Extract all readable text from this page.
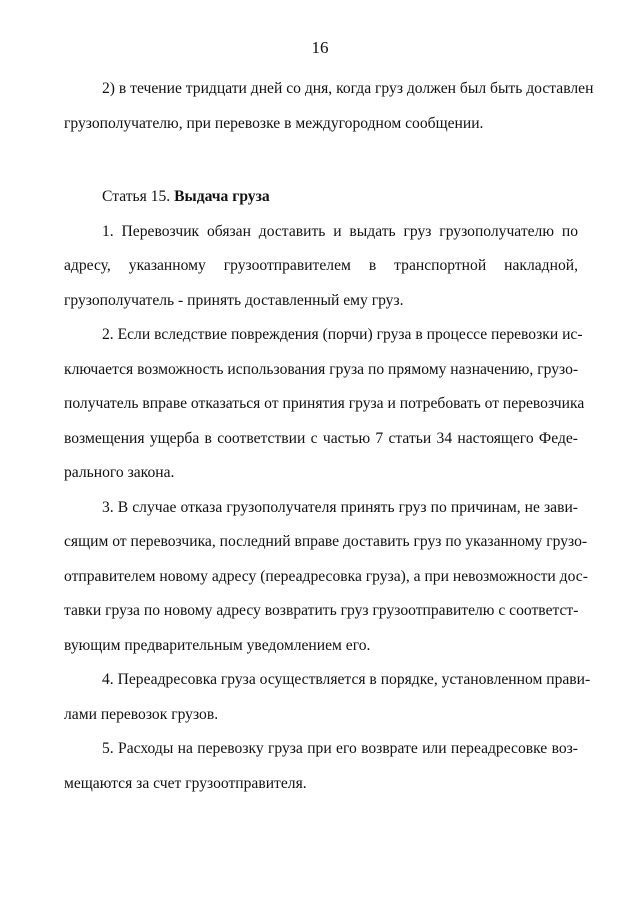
16
2) в течение тридцати дней со дня, когда груз должен был быть доставлен
грузополучателю, при перевозке в междугородном сообщении.
Статья 15. Выдача груза
1. Перевозчик обязан доставить и выдать груз грузополучателю по
адресу, указанному грузоотправителем в транспортной накладной,
грузополучатель - принять доставленный ему груз.
2. Если вследствие повреждения (порчи) груза в процессе перевозки ис-
ключается возможность использования груза по прямому назначению, грузо-
получатель вправе отказаться от принятия груза и потребовать от перевозчика
возмещения ущерба в соответствии с частью 7 статьи 34 настоящего Феде-
рального закона.
3. В случае отказа грузополучателя принять груз по причинам, не зави-
сящим от перевозчика, последний вправе доставить груз по указанному грузо-
отправителем новому адресу (переадресовка груза), а при невозможности дос-
тавки груза по новому адресу возвратить груз грузоотправителю с соответст-
вующим предварительным уведомлением его.
4. Переадресовка груза осуществляется в порядке, установленном прави-
лами перевозок грузов.
5. Расходы на перевозку груза при его возврате или переадресовке воз-
мещаются за счет грузоотправителя.
